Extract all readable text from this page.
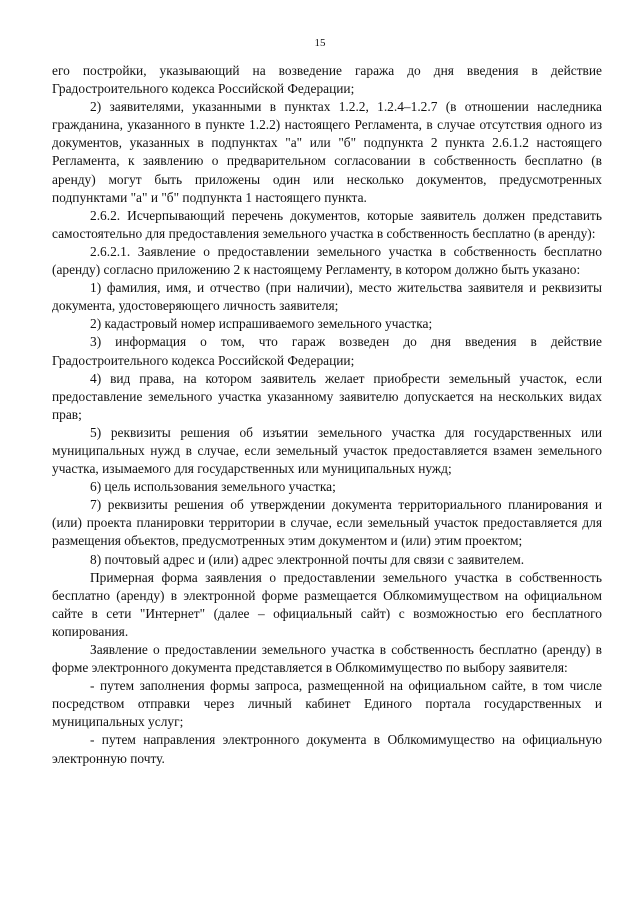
15

его постройки, указывающий на возведение гаража до дня введения в действие Градостроительного кодекса Российской Федерации;

2) заявителями, указанными в пунктах 1.2.2, 1.2.4–1.2.7 (в отношении наследника гражданина, указанного в пункте 1.2.2) настоящего Регламента, в случае отсутствия одного из документов, указанных в подпунктах "а" или "б" подпункта 2 пункта 2.6.1.2 настоящего Регламента, к заявлению о предварительном согласовании в собственность бесплатно (в аренду) могут быть приложены один или несколько документов, предусмотренных подпунктами "а" и "б" подпункта 1 настоящего пункта.

2.6.2. Исчерпывающий перечень документов, которые заявитель должен представить самостоятельно для предоставления земельного участка в собственность бесплатно (в аренду):

2.6.2.1. Заявление о предоставлении земельного участка в собственность бесплатно (аренду) согласно приложению 2 к настоящему Регламенту, в котором должно быть указано:

1) фамилия, имя, и отчество (при наличии), место жительства заявителя и реквизиты документа, удостоверяющего личность заявителя;

2) кадастровый номер испрашиваемого земельного участка;

3) информация о том, что гараж возведен до дня введения в действие Градостроительного кодекса Российской Федерации;

4) вид права, на котором заявитель желает приобрести земельный участок, если предоставление земельного участка указанному заявителю допускается на нескольких видах прав;

5) реквизиты решения об изъятии земельного участка для государственных или муниципальных нужд в случае, если земельный участок предоставляется взамен земельного участка, изымаемого для государственных или муниципальных нужд;

6) цель использования земельного участка;

7) реквизиты решения об утверждении документа территориального планирования и (или) проекта планировки территории в случае, если земельный участок предоставляется для размещения объектов, предусмотренных этим документом и (или) этим проектом;

8) почтовый адрес и (или) адрес электронной почты для связи с заявителем.

Примерная форма заявления о предоставлении земельного участка в собственность бесплатно (аренду) в электронной форме размещается Облкомимуществом на официальном сайте в сети "Интернет" (далее – официальный сайт) с возможностью его бесплатного копирования.

Заявление о предоставлении земельного участка в собственность бесплатно (аренду) в форме электронного документа представляется в Облкомимущество по выбору заявителя:

- путем заполнения формы запроса, размещенной на официальном сайте, в том числе посредством отправки через личный кабинет Единого портала государственных и муниципальных услуг;

- путем направления электронного документа в Облкомимущество на официальную электронную почту.
